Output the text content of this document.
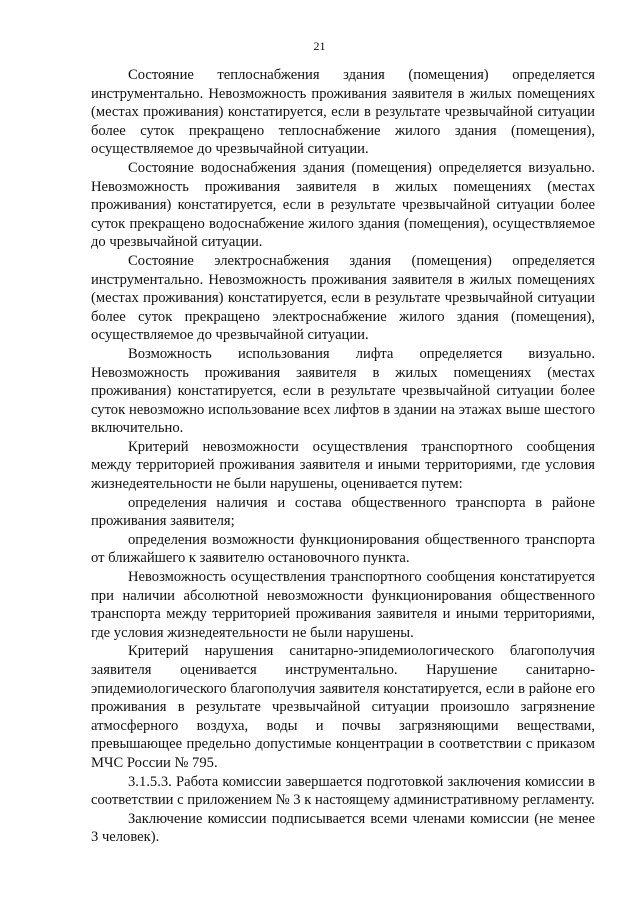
21

Состояние теплоснабжения здания (помещения) определяется инструментально. Невозможность проживания заявителя в жилых помещениях (местах проживания) констатируется, если в результате чрезвычайной ситуации более суток прекращено теплоснабжение жилого здания (помещения), осуществляемое до чрезвычайной ситуации.

Состояние водоснабжения здания (помещения) определяется визуально. Невозможность проживания заявителя в жилых помещениях (местах проживания) констатируется, если в результате чрезвычайной ситуации более суток прекращено водоснабжение жилого здания (помещения), осуществляемое до чрезвычайной ситуации.

Состояние электроснабжения здания (помещения) определяется инструментально. Невозможность проживания заявителя в жилых помещениях (местах проживания) констатируется, если в результате чрезвычайной ситуации более суток прекращено электроснабжение жилого здания (помещения), осуществляемое до чрезвычайной ситуации.

Возможность использования лифта определяется визуально. Невозможность проживания заявителя в жилых помещениях (местах проживания) констатируется, если в результате чрезвычайной ситуации более суток невозможно использование всех лифтов в здании на этажах выше шестого включительно.

Критерий невозможности осуществления транспортного сообщения между территорией проживания заявителя и иными территориями, где условия жизнедеятельности не были нарушены, оценивается путем:

определения наличия и состава общественного транспорта в районе проживания заявителя;

определения возможности функционирования общественного транспорта от ближайшего к заявителю остановочного пункта.

Невозможность осуществления транспортного сообщения констатируется при наличии абсолютной невозможности функционирования общественного транспорта между территорией проживания заявителя и иными территориями, где условия жизнедеятельности не были нарушены.

Критерий нарушения санитарно-эпидемиологического благополучия заявителя оценивается инструментально. Нарушение санитарно-эпидемиологического благополучия заявителя констатируется, если в районе его проживания в результате чрезвычайной ситуации произошло загрязнение атмосферного воздуха, воды и почвы загрязняющими веществами, превышающее предельно допустимые концентрации в соответствии с приказом МЧС России № 795.

3.1.5.3. Работа комиссии завершается подготовкой заключения комиссии в соответствии с приложением № 3 к настоящему административному регламенту.

Заключение комиссии подписывается всеми членами комиссии (не менее 3 человек).
